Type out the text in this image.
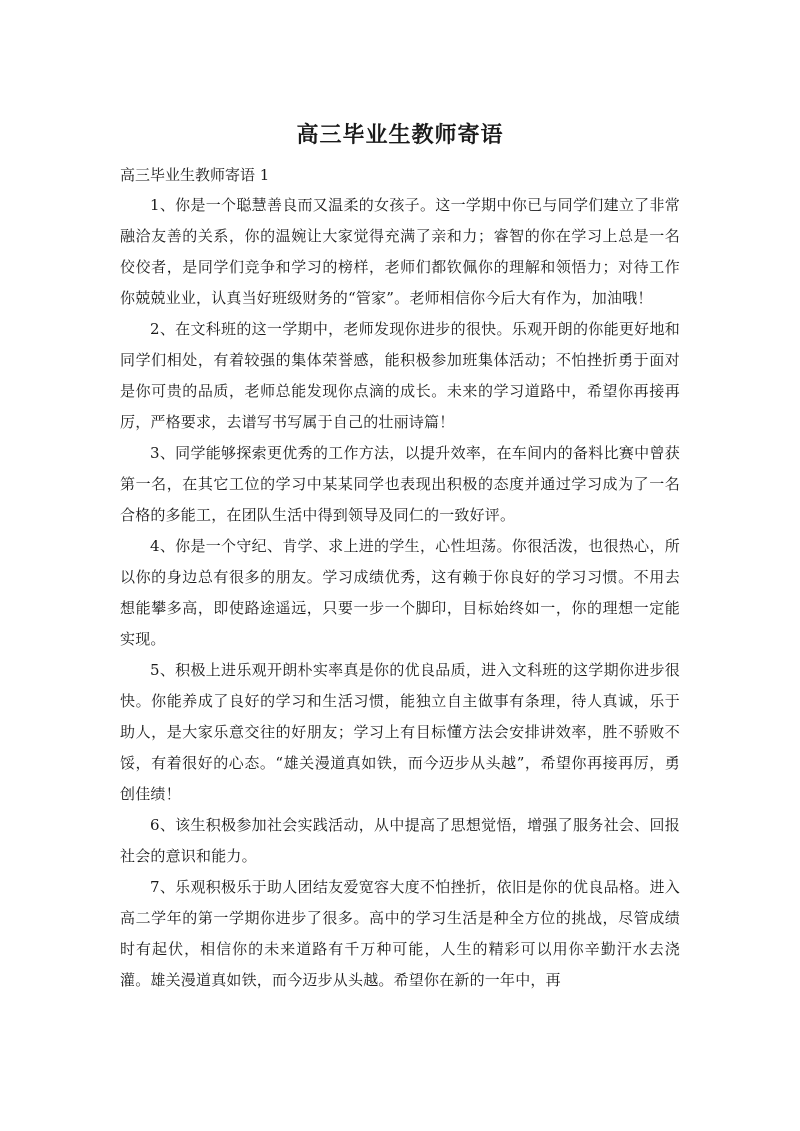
高三毕业生教师寄语

高三毕业生教师寄语 1

1、你是一个聪慧善良而又温柔的女孩子。这一学期中你已与同学们建立了非常融洽友善的关系，你的温婉让大家觉得充满了亲和力；睿智的你在学习上总是一名佼佼者，是同学们竞争和学习的榜样，老师们都钦佩你的理解和领悟力；对待工作你兢兢业业，认真当好班级财务的“管家”。老师相信你今后大有作为，加油哦！

2、在文科班的这一学期中，老师发现你进步的很快。乐观开朗的你能更好地和同学们相处，有着较强的集体荣誉感，能积极参加班集体活动；不怕挫折勇于面对是你可贵的品质，老师总能发现你点滴的成长。未来的学习道路中，希望你再接再厉，严格要求，去谱写书写属于自己的壮丽诗篇！

3、同学能够探索更优秀的工作方法，以提升效率，在车间内的备料比赛中曾获第一名，在其它工位的学习中某某同学也表现出积极的态度并通过学习成为了一名合格的多能工，在团队生活中得到领导及同仁的一致好评。

4、你是一个守纪、肯学、求上进的学生，心性坦荡。你很活泼，也很热心，所以你的身边总有很多的朋友。学习成绩优秀，这有赖于你良好的学习习惯。不用去想能攀多高，即使路途遥远，只要一步一个脚印，目标始终如一，你的理想一定能实现。

5、积极上进乐观开朗朴实率真是你的优良品质，进入文科班的这学期你进步很快。你能养成了良好的学习和生活习惯，能独立自主做事有条理，待人真诚，乐于助人，是大家乐意交往的好朋友；学习上有目标懂方法会安排讲效率，胜不骄败不馁，有着很好的心态。“雄关漫道真如铁，而今迈步从头越”，希望你再接再厉，勇创佳绩！

6、该生积极参加社会实践活动，从中提高了思想觉悟，增强了服务社会、回报社会的意识和能力。

7、乐观积极乐于助人团结友爱宽容大度不怕挫折，依旧是你的优良品格。进入高二学年的第一学期你进步了很多。高中的学习生活是种全方位的挑战，尽管成绩时有起伏，相信你的未来道路有千万种可能，人生的精彩可以用你辛勤汗水去浇灌。雄关漫道真如铁，而今迈步从头越。希望你在新的一年中，再
